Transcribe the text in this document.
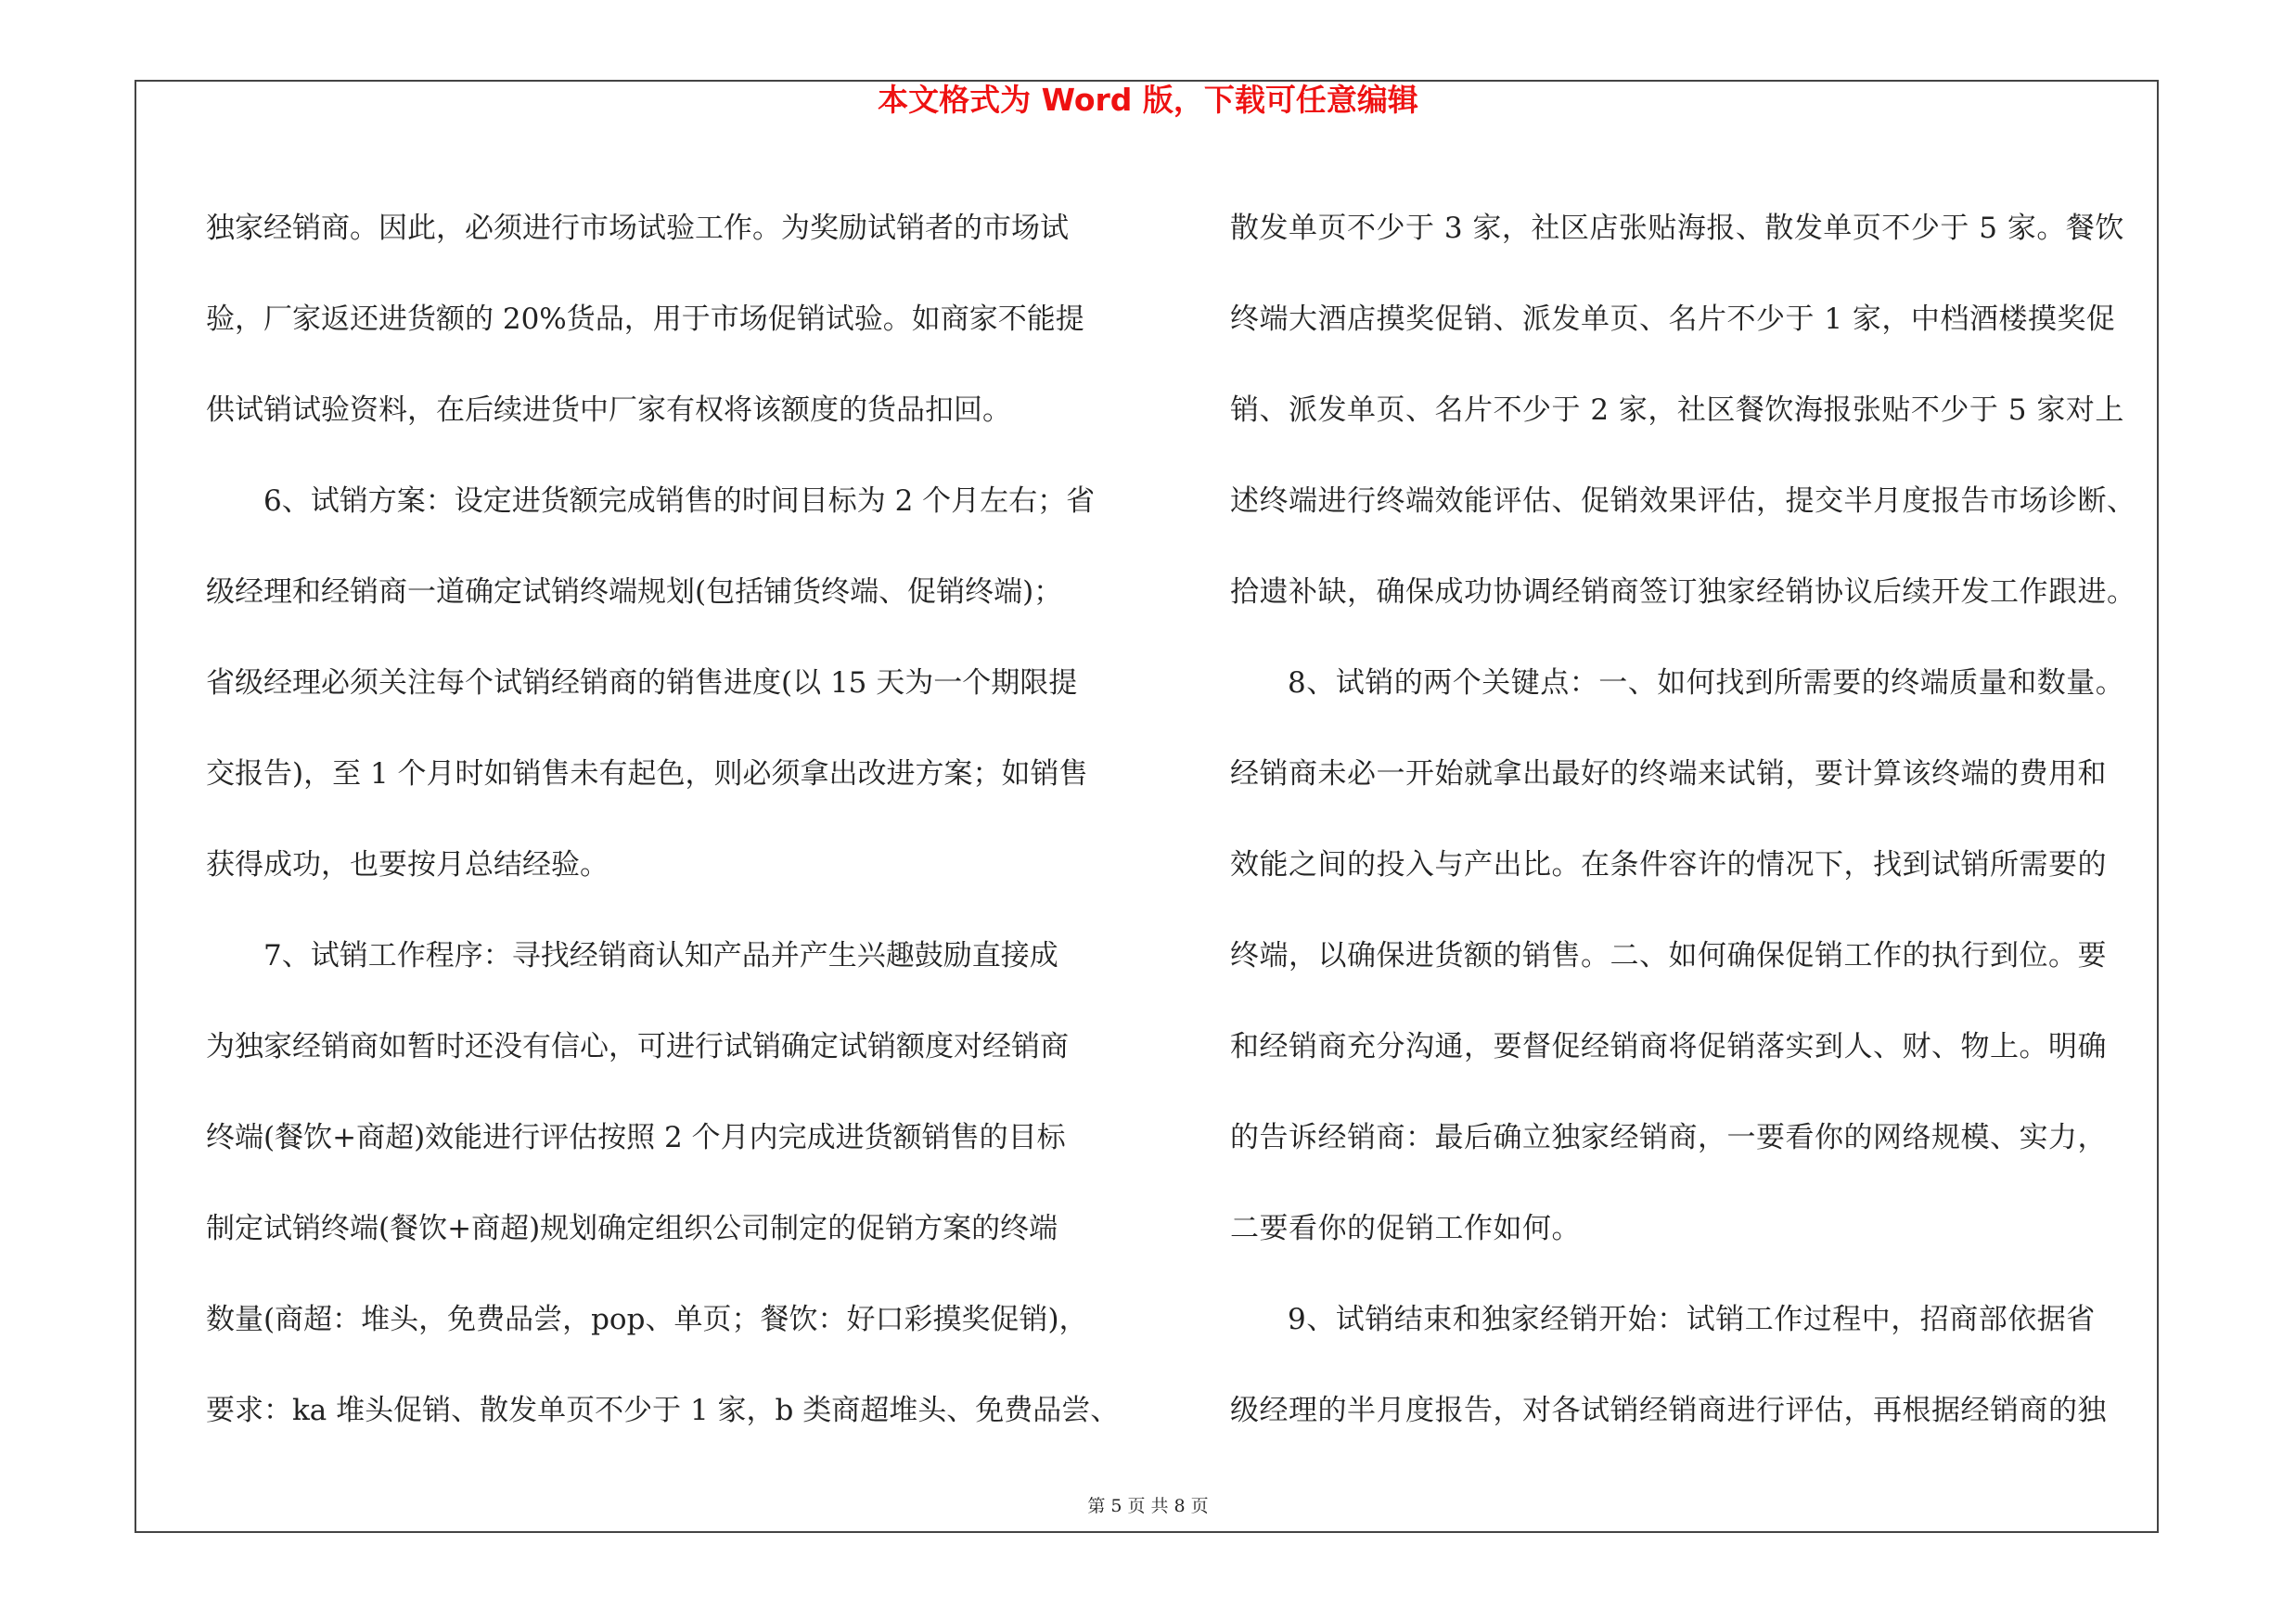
本文格式为 Word 版，下载可任意编辑
独家经销商。因此，必须进行市场试验工作。为奖励试销者的市场试
验，厂家返还进货额的 20%货品，用于市场促销试验。如商家不能提
供试销试验资料，在后续进货中厂家有权将该额度的货品扣回。
6、试销方案：设定进货额完成销售的时间目标为 2 个月左右；省
级经理和经销商一道确定试销终端规划(包括铺货终端、促销终端)；
省级经理必须关注每个试销经销商的销售进度(以 15 天为一个期限提
交报告)，至 1 个月时如销售未有起色，则必须拿出改进方案；如销售
获得成功，也要按月总结经验。
7、试销工作程序：寻找经销商认知产品并产生兴趣鼓励直接成
为独家经销商如暂时还没有信心，可进行试销确定试销额度对经销商
终端(餐饮+商超)效能进行评估按照 2 个月内完成进货额销售的目标
制定试销终端(餐饮+商超)规划确定组织公司制定的促销方案的终端
数量(商超：堆头，免费品尝，pop、单页；餐饮：好口彩摸奖促销)，
要求：ka 堆头促销、散发单页不少于 1 家，b 类商超堆头、免费品尝、
散发单页不少于 3 家，社区店张贴海报、散发单页不少于 5 家。餐饮
终端大酒店摸奖促销、派发单页、名片不少于 1 家，中档酒楼摸奖促
销、派发单页、名片不少于 2 家，社区餐饮海报张贴不少于 5 家对上
述终端进行终端效能评估、促销效果评估，提交半月度报告市场诊断、
拾遗补缺，确保成功协调经销商签订独家经销协议后续开发工作跟进。
8、试销的两个关键点：一、如何找到所需要的终端质量和数量。
经销商未必一开始就拿出最好的终端来试销，要计算该终端的费用和
效能之间的投入与产出比。在条件容许的情况下，找到试销所需要的
终端，以确保进货额的销售。二、如何确保促销工作的执行到位。要
和经销商充分沟通，要督促经销商将促销落实到人、财、物上。明确
的告诉经销商：最后确立独家经销商，一要看你的网络规模、实力，
二要看你的促销工作如何。
9、试销结束和独家经销开始：试销工作过程中，招商部依据省
级经理的半月度报告，对各试销经销商进行评估，再根据经销商的独
第 5 页 共 8 页
